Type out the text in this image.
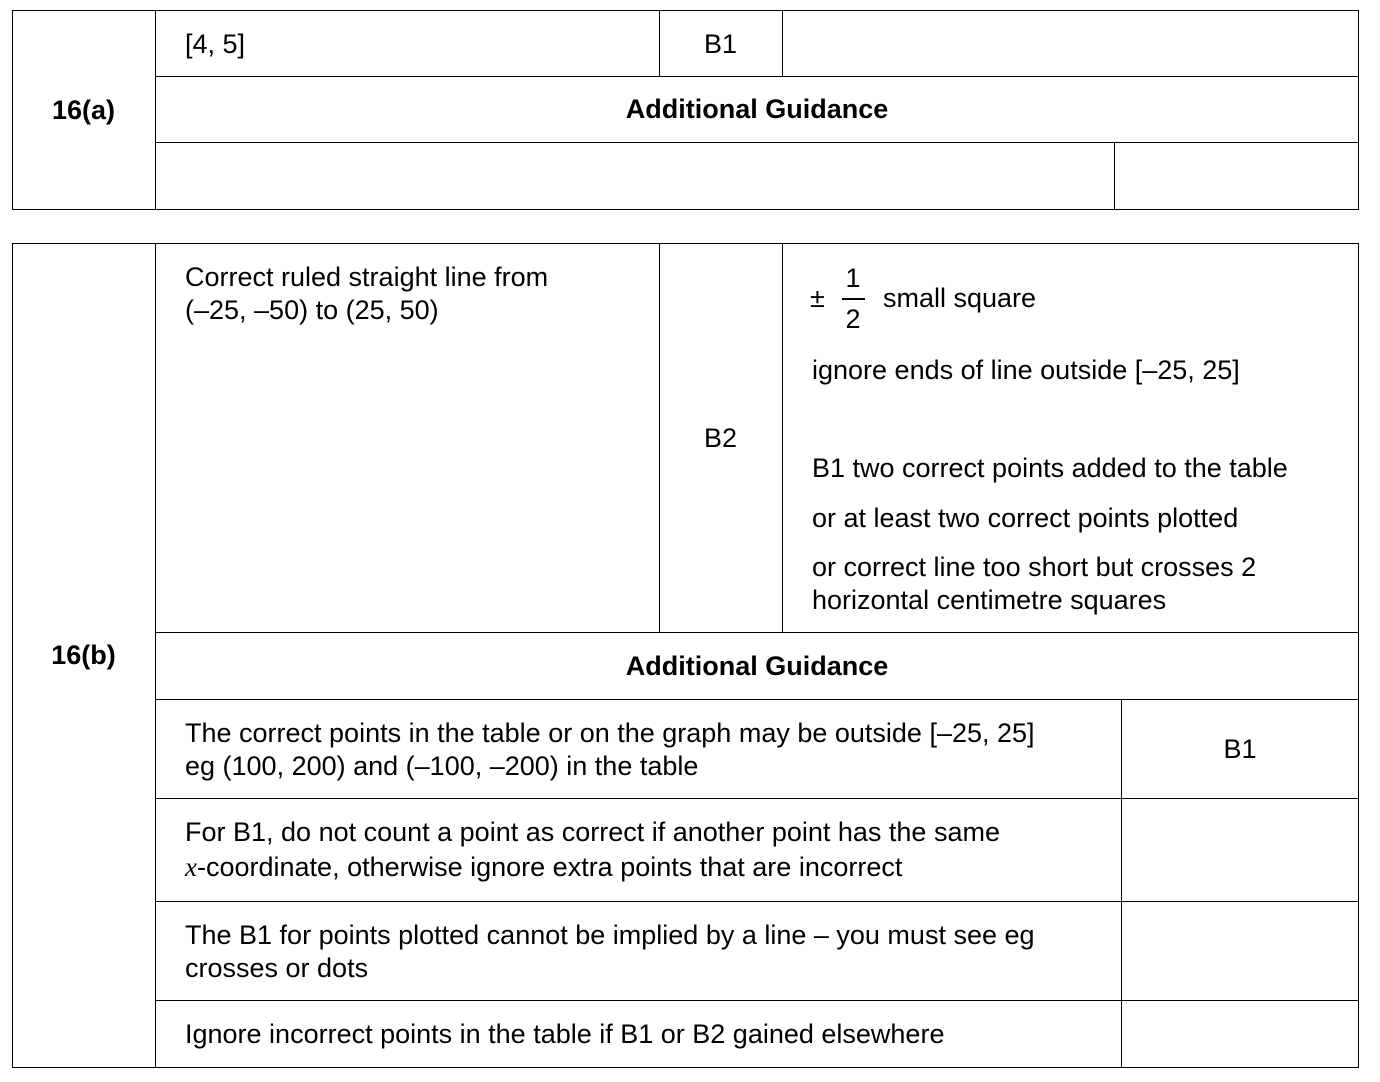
16(a)
[4, 5]	B1
Additional Guidance
16(b)
Correct ruled straight line from
(–25, –50) to (25, 50)
B2
±
1
2
small square
ignore ends of line outside [–25, 25]
B1 two correct points added to the table
or at least two correct points plotted
or correct line too short but crosses 2
horizontal centimetre squares
Additional Guidance
The correct points in the table or on the graph may be outside [–25, 25]
eg (100, 200) and (–100, –200) in the table
B1
For B1, do not count a point as correct if another point has the same
x-coordinate, otherwise ignore extra points that are incorrect
The B1 for points plotted cannot be implied by a line – you must see eg
crosses or dots
Ignore incorrect points in the table if B1 or B2 gained elsewhere
